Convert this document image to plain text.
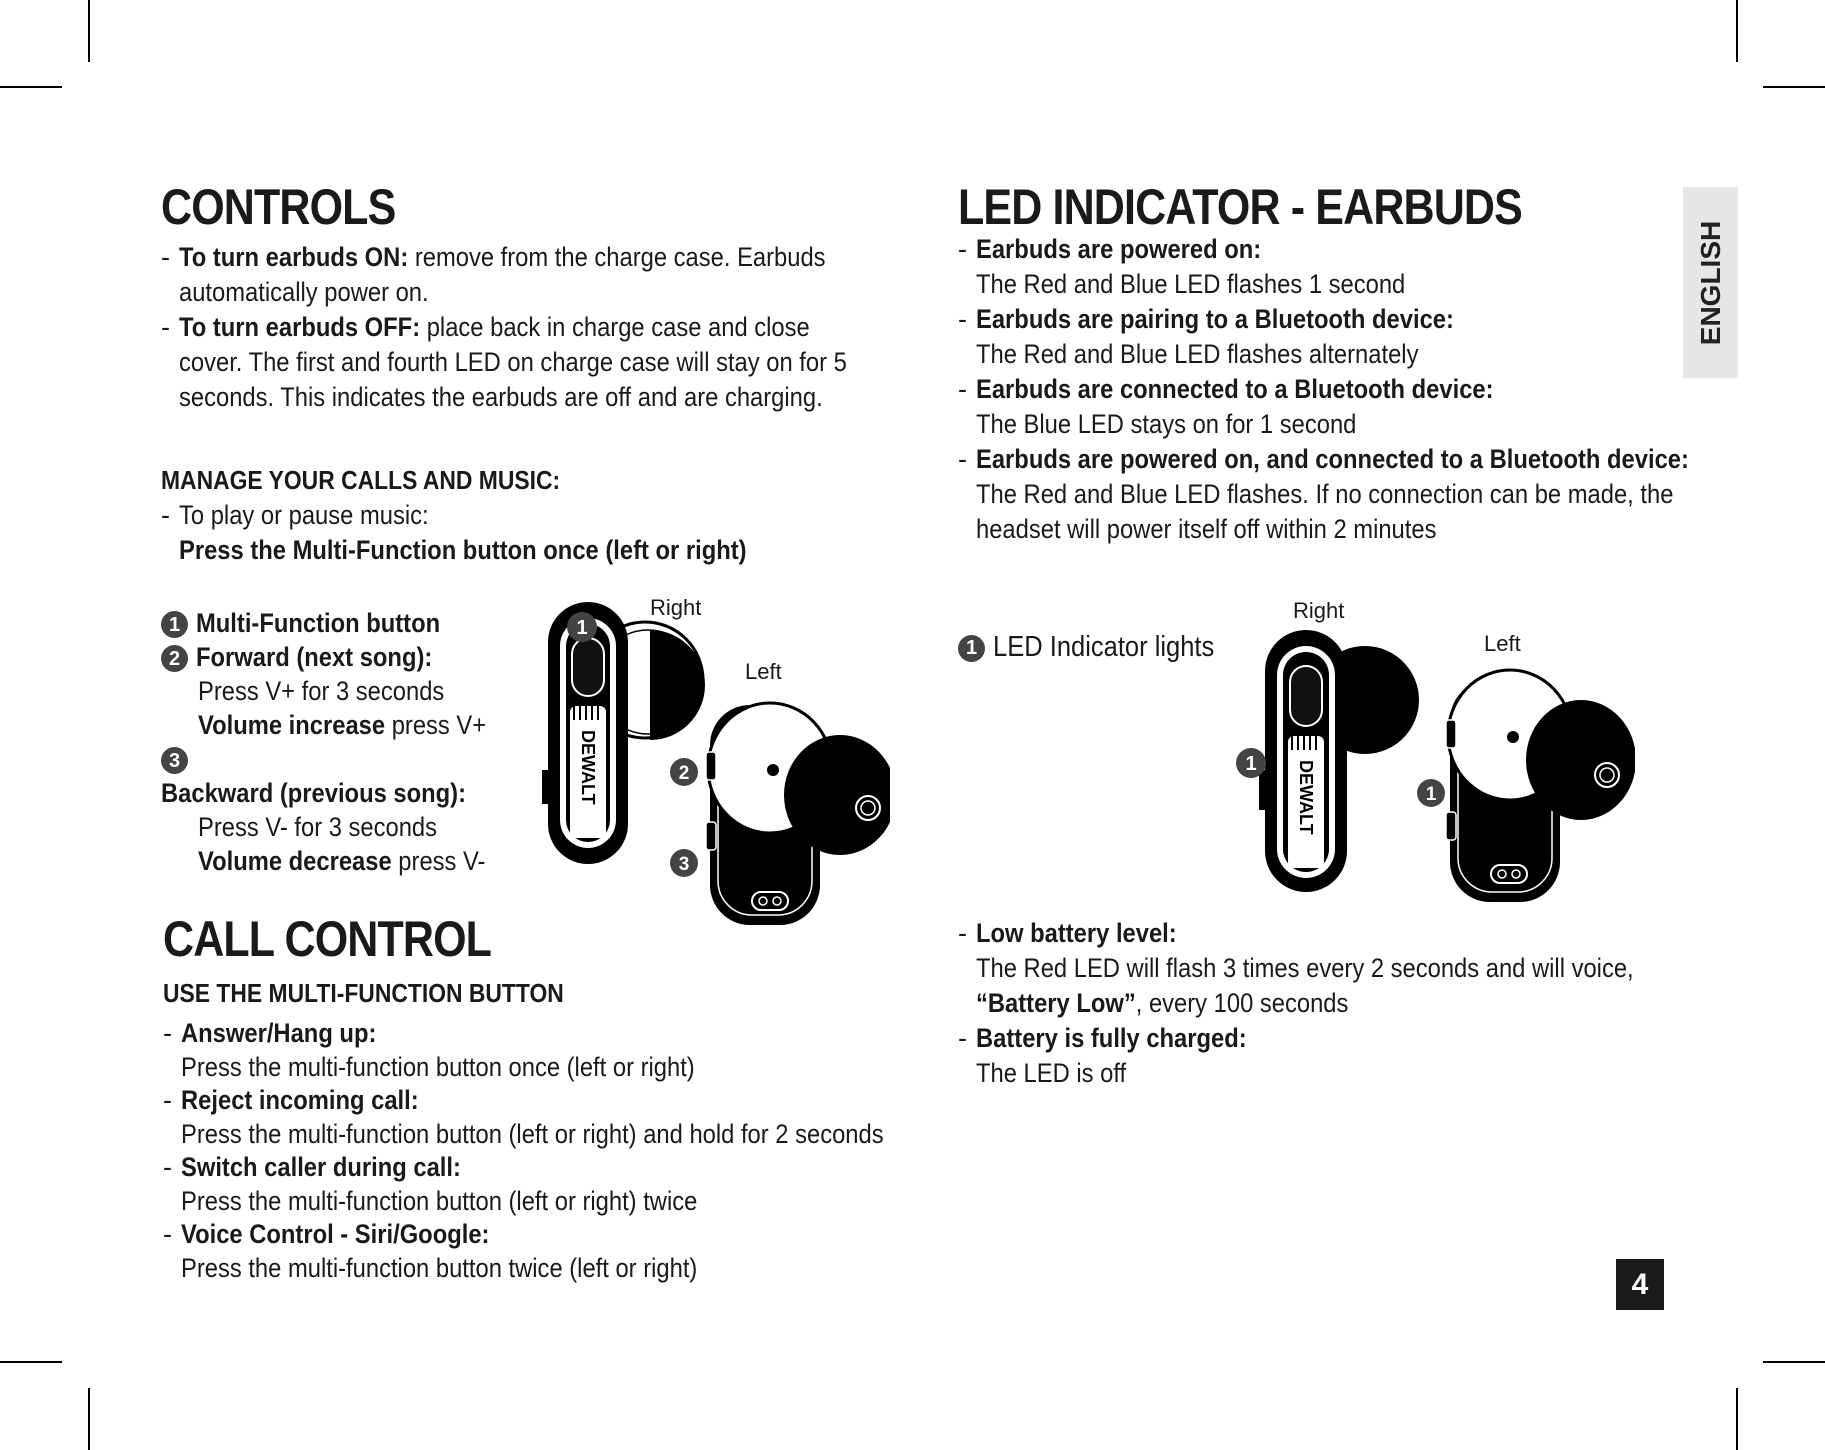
ENGLISH
CONTROLS
- To turn earbuds ON: remove from the charge case. Earbuds
automatically power on.
- To turn earbuds OFF: place back in charge case and close
cover. The first and fourth LED on charge case will stay on for 5
seconds. This indicates the earbuds are off and are charging.
MANAGE YOUR CALLS AND MUSIC:
- To play or pause music:
Press the Multi-Function button once (left or right)
1 Multi-Function button
2 Forward (next song):
Press V+ for 3 seconds
Volume increase press V+
3Backward (previous song):
Press V- for 3 seconds
Volume decrease press V-
DEWALT
1
2
3
Right
Left
CALL CONTROL
USE THE MULTI-FUNCTION BUTTON
- Answer/Hang up:
Press the multi-function button once (left or right)
- Reject incoming call:
Press the multi-function button (left or right) and hold for 2 seconds
- Switch caller during call:
Press the multi-function button (left or right) twice
- Voice Control - Siri/Google:
Press the multi-function button twice (left or right)
LED INDICATOR - EARBUDS
- Earbuds are powered on:
The Red and Blue LED flashes 1 second
- Earbuds are pairing to a Bluetooth device:
The Red and Blue LED flashes alternately
- Earbuds are connected to a Bluetooth device:
The Blue LED stays on for 1 second
- Earbuds are powered on, and connected to a Bluetooth device:
The Red and Blue LED flashes. If no connection can be made, the
headset will power itself off within 2 minutes
1 LED Indicator lights
DEWALT
1
1
Right
Left
- Low battery level:
The Red LED will flash 3 times every 2 seconds and will voice,
“Battery Low”, every 100 seconds
- Battery is fully charged:
The LED is off
4
